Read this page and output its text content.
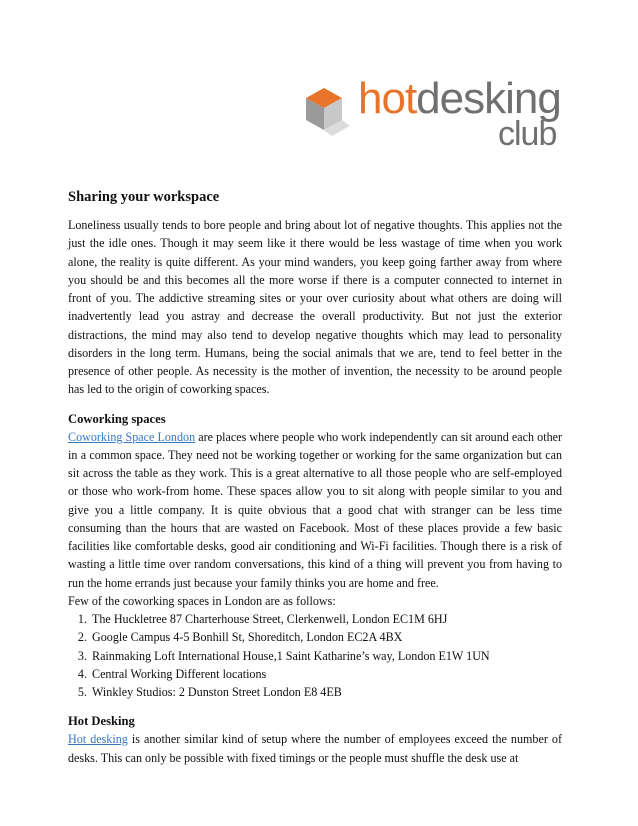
hotdesking
club
Sharing your workspace

Loneliness usually tends to bore people and bring about lot of negative thoughts. This applies not the just the idle ones. Though it may seem like it there would be less wastage of time when you work alone, the reality is quite different. As your mind wanders, you keep going farther away from where you should be and this becomes all the more worse if there is a computer connected to internet in front of you. The addictive streaming sites or your over curiosity about what others are doing will inadvertently lead you astray and decrease the overall productivity. But not just the exterior distractions, the mind may also tend to develop negative thoughts which may lead to personality disorders in the long term. Humans, being the social animals that we are, tend to feel better in the presence of other people. As necessity is the mother of invention, the necessity to be around people has led to the origin of coworking spaces.

Coworking spaces

Coworking Space London are places where people who work independently can sit around each other in a common space. They need not be working together or working for the same organization but can sit across the table as they work. This is a great alternative to all those people who are self-employed or those who work-from home. These spaces allow you to sit along with people similar to you and give you a little company. It is quite obvious that a good chat with stranger can be less time consuming than the hours that are wasted on Facebook. Most of these places provide a few basic facilities like comfortable desks, good air conditioning and Wi-Fi facilities. Though there is a risk of wasting a little time over random conversations, this kind of a thing will prevent you from having to run the home errands just because your family thinks you are home and free.

Few of the coworking spaces in London are as follows:

1. The Huckletree 87 Charterhouse Street, Clerkenwell, London EC1M 6HJ
2. Google Campus 4-5 Bonhill St, Shoreditch, London EC2A 4BX
3. Rainmaking Loft International House,1 Saint Katharine’s way, London E1W 1UN
4. Central Working Different locations
5. Winkley Studios: 2 Dunston Street London E8 4EB
Hot Desking

Hot desking is another similar kind of setup where the number of employees exceed the number of desks. This can only be possible with fixed timings or the people must shuffle the desk use at
